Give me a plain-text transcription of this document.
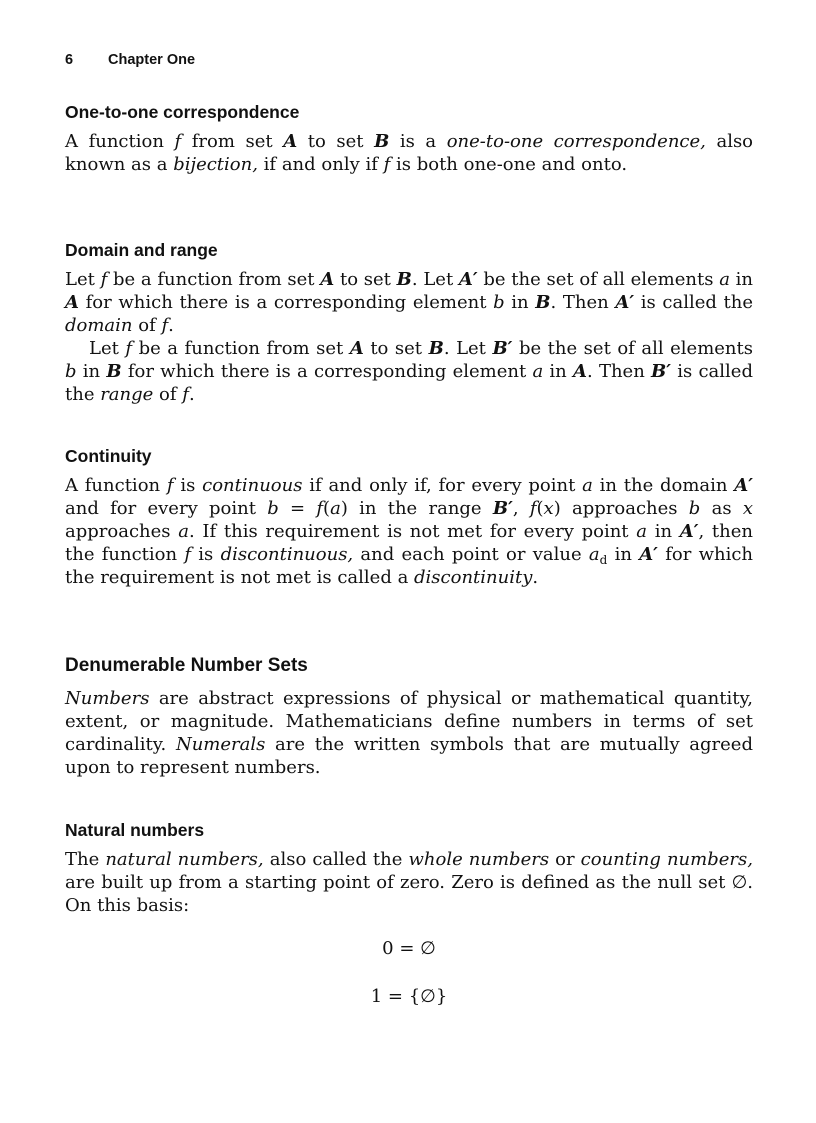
6 Chapter One
One-to-one correspondence

A function f from set A to set B is a one-to-one correspondence, also known as a bijection, if and only if f is both one-one and onto.

Domain and range

Let f be a function from set A to set B. Let A′ be the set of all elements a in A for which there is a corresponding element b in B. Then A′ is called the domain of f.

Let f be a function from set A to set B. Let B′ be the set of all elements b in B for which there is a corresponding element a in A. Then B′ is called the range of f.

Continuity

A function f is continuous if and only if, for every point a in the domain A′ and for every point b = f(a) in the range B′, f(x) approaches b as x approaches a. If this requirement is not met for every point a in A′, then the function f is discontinuous, and each point or value $a_d$ in A′ for which the requirement is not met is called a discontinuity.

Denumerable Number Sets

Numbers are abstract expressions of physical or mathematical quantity, extent, or magnitude. Mathematicians define numbers in terms of set cardinality. Numerals are the written symbols that are mutually agreed upon to represent numbers.

Natural numbers

The natural numbers, also called the whole numbers or counting numbers, are built up from a starting point of zero. Zero is defined as the null set ∅. On this basis:

0 = ∅
1 = {∅}
